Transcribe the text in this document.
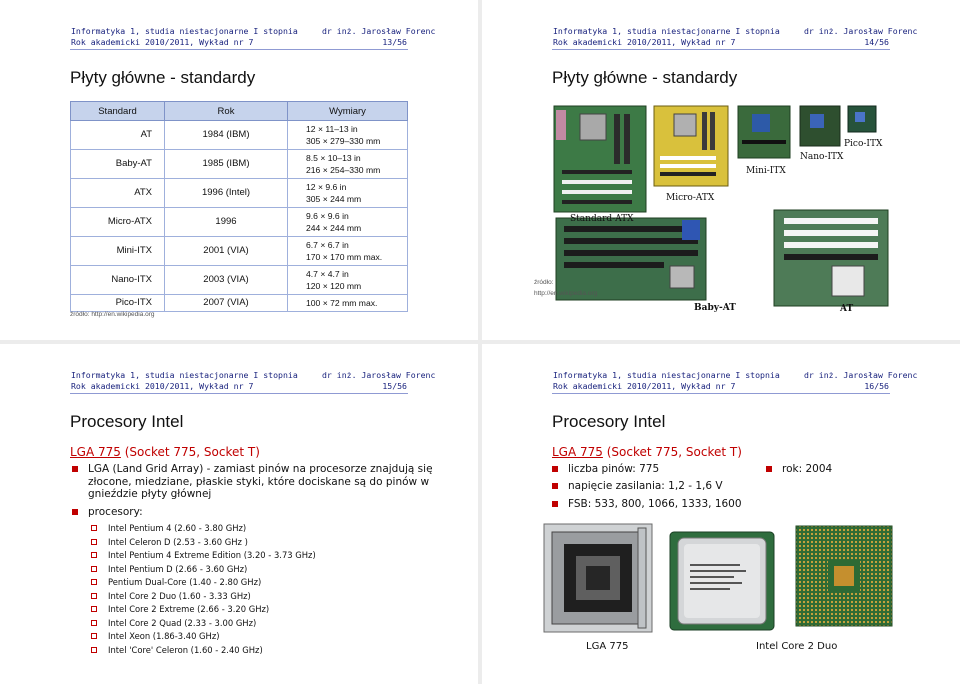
Informatyka 1, studia niestacjonarne I stopnia
Rok akademicki 2010/2011, Wykład nr 7
dr inż. Jarosław Forenc
13/56
Płyty główne - standardy
Standard	Rok	Wymiary
AT	1984 (IBM)	12 × 11–13 in
305 × 279–330 mm
Baby-AT	1985 (IBM)	8.5 × 10–13 in
216 × 254–330 mm
ATX	1996 (Intel)	12 × 9.6 in
305 × 244 mm
Micro-ATX	1996	9.6 × 9.6 in
244 × 244 mm
Mini-ITX	2001 (VIA)	6.7 × 6.7 in
170 × 170 mm max.
Nano-ITX	2003 (VIA)	4.7 × 4.7 in
120 × 120 mm
Pico-ITX	2007 (VIA)	100 × 72 mm max.
źródło: http://en.wikipedia.org
Informatyka 1, studia niestacjonarne I stopnia
Rok akademicki 2010/2011, Wykład nr 7
dr inż. Jarosław Forenc
14/56
Płyty główne - standardy
Standard-ATX
Micro-ATX
Mini-ITX
Nano-ITX
Pico-ITX
Baby-AT	AT
źródło:
http://en.wikipedia.org
Informatyka 1, studia niestacjonarne I stopnia
Rok akademicki 2010/2011, Wykład nr 7
dr inż. Jarosław Forenc
15/56
Procesory Intel
LGA 775 (Socket 775, Socket T)
LGA (Land Grid Array) - zamiast pinów na procesorze znajdują się złocone, miedziane, płaskie styki, które dociskane są do pinów w gnieździe płyty głównej
procesory:
Intel Pentium 4 (2.60 - 3.80 GHz)
Intel Celeron D (2.53 - 3.60 GHz )
Intel Pentium 4 Extreme Edition (3.20 - 3.73 GHz)
Intel Pentium D (2.66 - 3.60 GHz)
Pentium Dual-Core (1.40 - 2.80 GHz)
Intel Core 2 Duo (1.60 - 3.33 GHz)
Intel Core 2 Extreme (2.66 - 3.20 GHz)
Intel Core 2 Quad (2.33 - 3.00 GHz)
Intel Xeon (1.86-3.40 GHz)
Intel 'Core' Celeron (1.60 - 2.40 GHz)
Informatyka 1, studia niestacjonarne I stopnia
Rok akademicki 2010/2011, Wykład nr 7
dr inż. Jarosław Forenc
16/56
Procesory Intel
LGA 775 (Socket 775, Socket T)
liczba pinów: 775
napięcie zasilania: 1,2 - 1,6 V
FSB: 533, 800, 1066, 1333, 1600
rok: 2004
LGA 775	Intel Core 2 Duo
